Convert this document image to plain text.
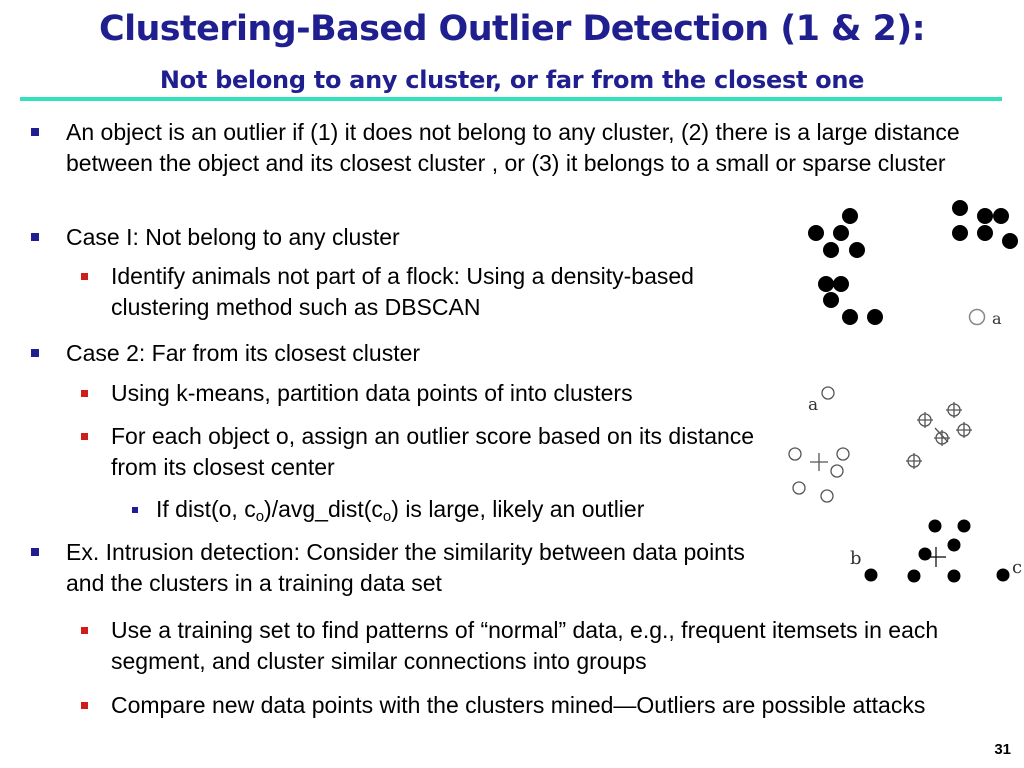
Clustering-Based Outlier Detection (1 & 2):
Not belong to any cluster, or far from the closest one
An object is an outlier if (1) it does not belong to any cluster, (2) there is a large distance between the object and its closest cluster , or (3) it belongs to a small or sparse cluster
Case I: Not belong to any cluster
Identify animals not part of a flock: Using a density-based clustering method such as DBSCAN
Case 2: Far from its closest cluster
Using k-means, partition data points of into clusters
For each object o, assign an outlier score based on its distance from its closest center
If dist(o, $c_o)/avg\_dist(c_o)$ is large, likely an outlier
Ex. Intrusion detection: Consider the similarity between data points and the clusters in a training data set
Use a training set to find patterns of “normal” data, e.g., frequent itemsets in each segment, and cluster similar connections into groups
Compare new data points with the clusters mined—Outliers are possible attacks
a
a
b	c
31
